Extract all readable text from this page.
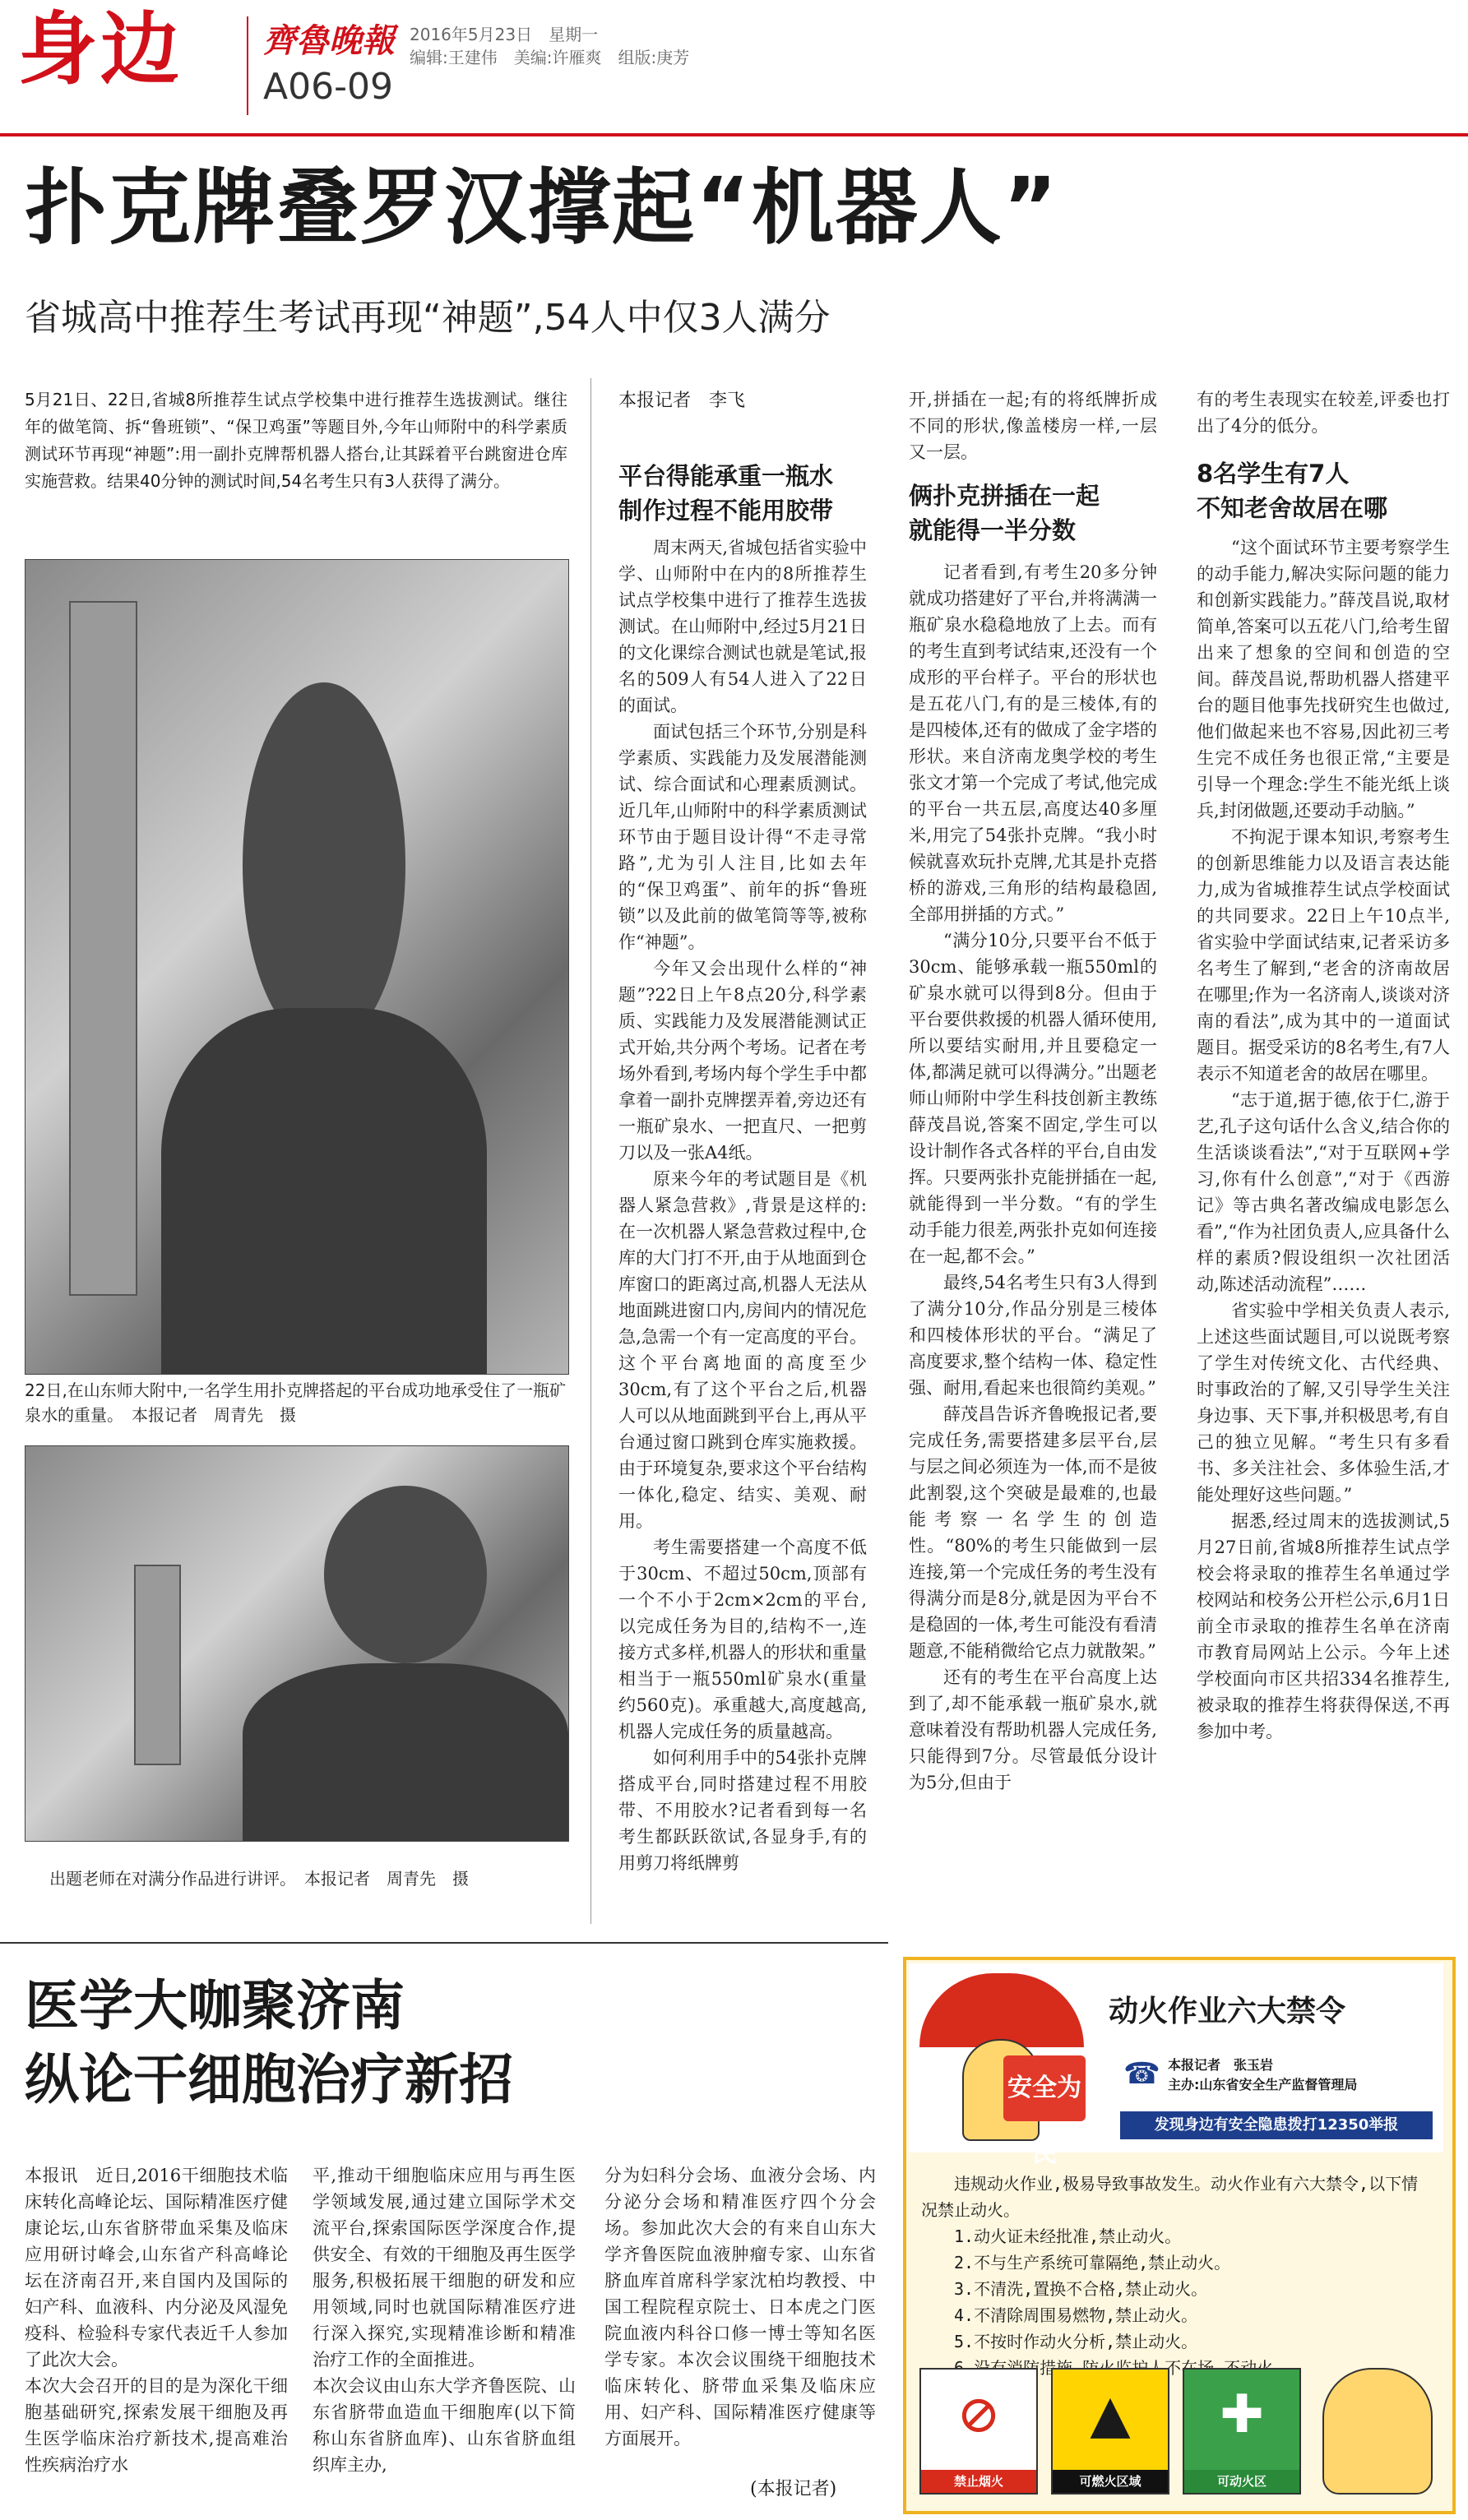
身边 齊魯晚報
A06-09
2016年5月23日　星期一
编辑:王建伟　美编:许雁爽　组版:庚芳
扑克牌叠罗汉撑起“机器人”
省城高中推荐生考试再现“神题”,54人中仅3人满分
5月21日、22日,省城8所推荐生试点学校集中进行推荐生选拔测试。继往年的做笔筒、拆“鲁班锁”、“保卫鸡蛋”等题目外,今年山师附中的科学素质测试环节再现“神题”:用一副扑克牌帮机器人搭台,让其踩着平台跳窗进仓库实施营救。结果40分钟的测试时间,54名考生只有3人获得了满分。
22日,在山东师大附中,一名学生用扑克牌搭起的平台成功地承受住了一瓶矿泉水的重量。　本报记者　周青先　摄
出题老师在对满分作品进行讲评。　本报记者　周青先　摄
本报记者　李飞
平台得能承重一瓶水
制作过程不能用胶带

周末两天,省城包括省实验中学、山师附中在内的8所推荐生试点学校集中进行了推荐生选拔测试。在山师附中,经过5月21日的文化课综合测试也就是笔试,报名的509人有54人进入了22日的面试。

面试包括三个环节,分别是科学素质、实践能力及发展潜能测试、综合面试和心理素质测试。近几年,山师附中的科学素质测试环节由于题目设计得“不走寻常路”,尤为引人注目,比如去年的“保卫鸡蛋”、前年的拆“鲁班锁”以及此前的做笔筒等等,被称作“神题”。

今年又会出现什么样的“神题”?22日上午8点20分,科学素质、实践能力及发展潜能测试正式开始,共分两个考场。记者在考场外看到,考场内每个学生手中都拿着一副扑克牌摆弄着,旁边还有一瓶矿泉水、一把直尺、一把剪刀以及一张A4纸。

原来今年的考试题目是《机器人紧急营救》,背景是这样的:在一次机器人紧急营救过程中,仓库的大门打不开,由于从地面到仓库窗口的距离过高,机器人无法从地面跳进窗口内,房间内的情况危急,急需一个有一定高度的平台。这个平台离地面的高度至少30cm,有了这个平台之后,机器人可以从地面跳到平台上,再从平台通过窗口跳到仓库实施救援。由于环境复杂,要求这个平台结构一体化,稳定、结实、美观、耐用。

考生需要搭建一个高度不低于30cm、不超过50cm,顶部有一个不小于2cm×2cm的平台,以完成任务为目的,结构不一,连接方式多样,机器人的形状和重量相当于一瓶550ml矿泉水(重量约560克)。承重越大,高度越高,机器人完成任务的质量越高。

如何利用手中的54张扑克牌搭成平台,同时搭建过程不用胶带、不用胶水?记者看到每一名考生都跃跃欲试,各显身手,有的用剪刀将纸牌剪

开,拼插在一起;有的将纸牌折成不同的形状,像盖楼房一样,一层又一层。
俩扑克拼插在一起
就能得一半分数

记者看到,有考生20多分钟就成功搭建好了平台,并将满满一瓶矿泉水稳稳地放了上去。而有的考生直到考试结束,还没有一个成形的平台样子。平台的形状也是五花八门,有的是三棱体,有的是四棱体,还有的做成了金字塔的形状。来自济南龙奥学校的考生张文才第一个完成了考试,他完成的平台一共五层,高度达40多厘米,用完了54张扑克牌。“我小时候就喜欢玩扑克牌,尤其是扑克搭桥的游戏,三角形的结构最稳固,全部用拼插的方式。”

“满分10分,只要平台不低于30cm、能够承载一瓶550ml的矿泉水就可以得到8分。但由于平台要供救援的机器人循环使用,所以要结实耐用,并且要稳定一体,都满足就可以得满分。”出题老师山师附中学生科技创新主教练薛茂昌说,答案不固定,学生可以设计制作各式各样的平台,自由发挥。只要两张扑克能拼插在一起,就能得到一半分数。“有的学生动手能力很差,两张扑克如何连接在一起,都不会。”

最终,54名考生只有3人得到了满分10分,作品分别是三棱体和四棱体形状的平台。“满足了高度要求,整个结构一体、稳定性强、耐用,看起来也很简约美观。”

薛茂昌告诉齐鲁晚报记者,要完成任务,需要搭建多层平台,层与层之间必须连为一体,而不是彼此割裂,这个突破是最难的,也最能考察一名学生的创造性。“80%的考生只能做到一层连接,第一个完成任务的考生没有得满分而是8分,就是因为平台不是稳固的一体,考生可能没有看清题意,不能稍微给它点力就散架。”

还有的考生在平台高度上达到了,却不能承载一瓶矿泉水,就意味着没有帮助机器人完成任务,只能得到7分。尽管最低分设计为5分,但由于

有的考生表现实在较差,评委也打出了4分的低分。
8名学生有7人
不知老舍故居在哪

“这个面试环节主要考察学生的动手能力,解决实际问题的能力和创新实践能力。”薛茂昌说,取材简单,答案可以五花八门,给考生留出来了想象的空间和创造的空间。薛茂昌说,帮助机器人搭建平台的题目他事先找研究生也做过,他们做起来也不容易,因此初三考生完不成任务也很正常,“主要是引导一个理念:学生不能光纸上谈兵,封闭做题,还要动手动脑。”

不拘泥于课本知识,考察考生的创新思维能力以及语言表达能力,成为省城推荐生试点学校面试的共同要求。22日上午10点半,省实验中学面试结束,记者采访多名考生了解到,“老舍的济南故居在哪里;作为一名济南人,谈谈对济南的看法”,成为其中的一道面试题目。据受采访的8名考生,有7人表示不知道老舍的故居在哪里。

“志于道,据于德,依于仁,游于艺,孔子这句话什么含义,结合你的生活谈谈看法”,“对于互联网+学习,你有什么创意”,“对于《西游记》等古典名著改编成电影怎么看”,“作为社团负责人,应具备什么样的素质?假设组织一次社团活动,陈述活动流程”……

省实验中学相关负责人表示,上述这些面试题目,可以说既考察了学生对传统文化、古代经典、时事政治的了解,又引导学生关注身边事、天下事,并积极思考,有自己的独立见解。“考生只有多看书、多关注社会、多体验生活,才能处理好这些问题。”

据悉,经过周末的选拔测试,5月27日前,省城8所推荐生试点学校会将录取的推荐生名单通过学校网站和校务公开栏公示,6月1日前全市录取的推荐生名单在济南市教育局网站上公示。今年上述学校面向市区共招334名推荐生,被录取的推荐生将获得保送,不再参加中考。

医学大咖聚济南
纵论干细胞治疗新招
本报讯　近日,2016干细胞技术临床转化高峰论坛、国际精准医疗健康论坛,山东省脐带血采集及临床应用研讨峰会,山东省产科高峰论坛在济南召开,来自国内及国际的妇产科、血液科、内分泌及风湿免疫科、检验科专家代表近千人参加了此次大会。
本次大会召开的目的是为深化干细胞基础研究,探索发展干细胞及再生医学临床治疗新技术,提高难治性疾病治疗水
平,推动干细胞临床应用与再生医学领域发展,通过建立国际学术交流平台,探索国际医学深度合作,提供安全、有效的干细胞及再生医学服务,积极拓展干细胞的研发和应用领域,同时也就国际精准医疗进行深入探究,实现精准诊断和精准治疗工作的全面推进。
本次会议由山东大学齐鲁医院、山东省脐带血造血干细胞库(以下简称山东省脐血库)、山东省脐血组织库主办,
分为妇科分会场、血液分会场、内分泌分会场和精准医疗四个分会场。参加此次大会的有来自山东大学齐鲁医院血液肿瘤专家、山东省脐血库首席科学家沈柏均教授、中国工程院程京院士、日本虎之门医院血液内科谷口修一博士等知名医学专家。本次会议围绕干细胞技术临床转化、脐带血采集及临床应用、妇产科、国际精准医疗健康等方面展开。
(本报记者)
安全为民
动火作业六大禁令
☎ 本报记者　张玉岩
主办:山东省安全生产监督管理局
发现身边有安全隐患拨打12350举报
违规动火作业,极易导致事故发生。动火作业有六大禁令,以下情况禁止动火。
1.动火证未经批准,禁止动火。
2.不与生产系统可靠隔绝,禁止动火。
3.不清洗,置换不合格,禁止动火。
4.不清除周围易燃物,禁止动火。
5.不按时作动火分析,禁止动火。
⊘
禁止烟火
▲
可燃火区域
✚
可动火区
